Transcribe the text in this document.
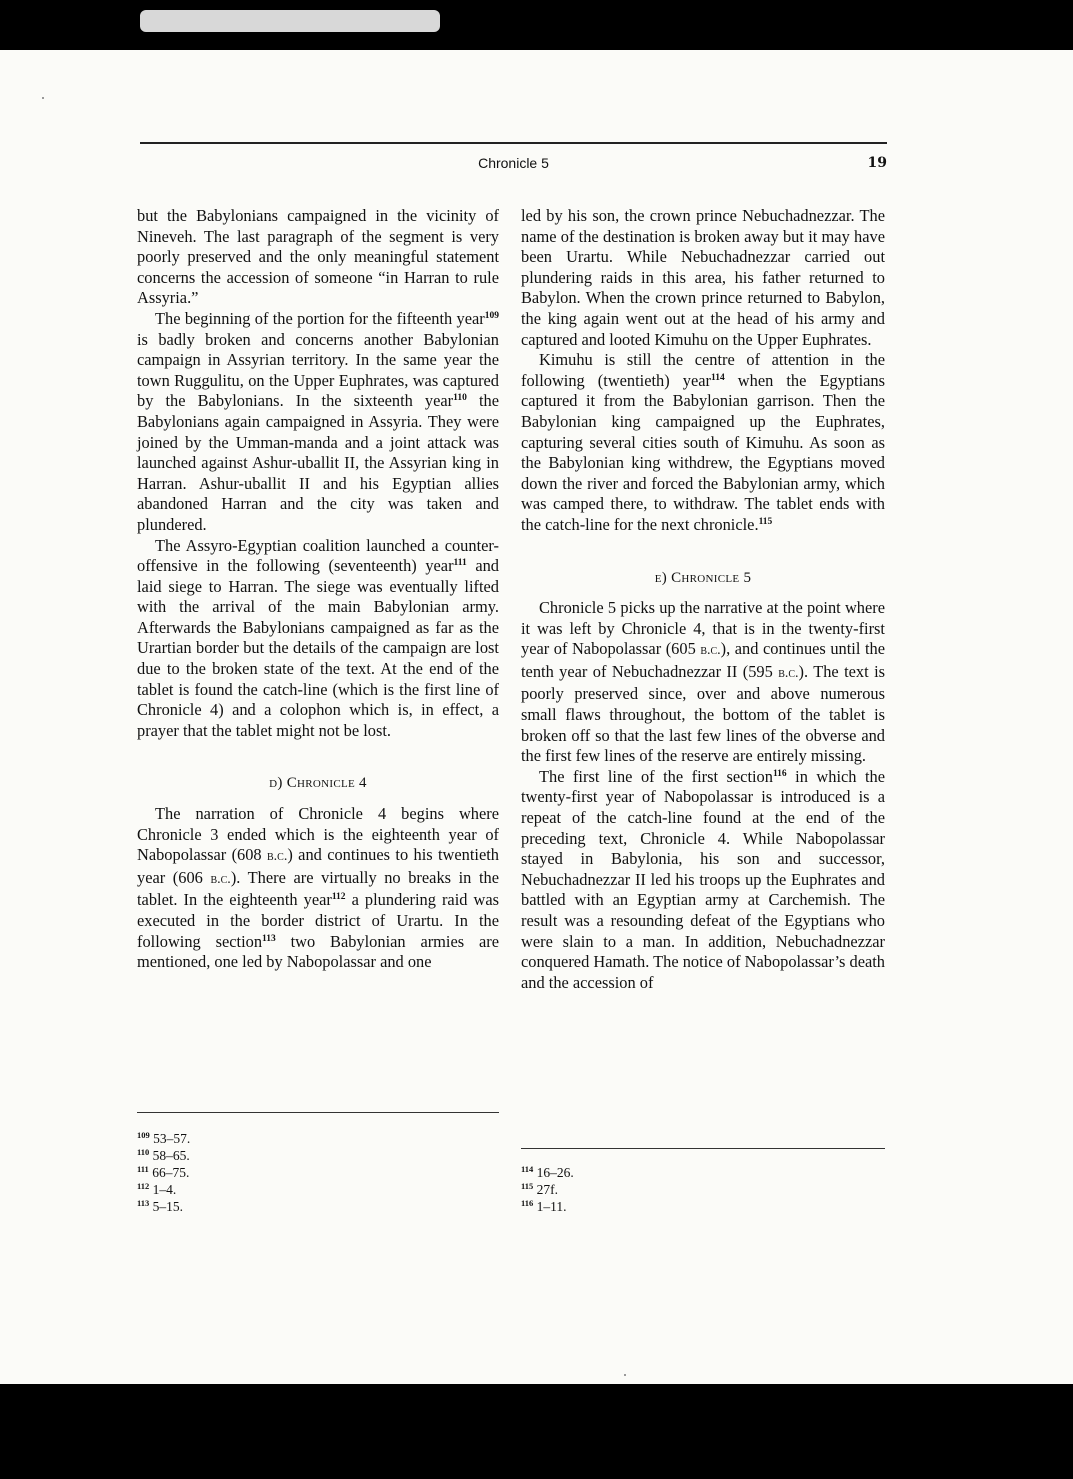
Chronicle 5	19

but the Babylonians campaigned in the vicinity of Nineveh. The last paragraph of the segment is very poorly preserved and the only meaningful statement concerns the accession of someone “in Harran to rule Assyria.”

The beginning of the portion for the fifteenth year$^{109}$ is badly broken and concerns another Babylonian campaign in Assyrian territory. In the same year the town Ruggulitu, on the Upper Euphrates, was captured by the Babylonians. In the sixteenth year$^{110}$ the Babylonians again campaigned in Assyria. They were joined by the Umman-manda and a joint attack was launched against Ashur-uballit II, the Assyrian king in Harran. Ashur-uballit II and his Egyptian allies abandoned Harran and the city was taken and plundered.

The Assyro-Egyptian coalition launched a counter-offensive in the following (seventeenth) year$^{111}$ and laid siege to Harran. The siege was eventually lifted with the arrival of the main Babylonian army. Afterwards the Babylonians campaigned as far as the Urartian border but the details of the campaign are lost due to the broken state of the text. At the end of the tablet is found the catch-line (which is the first line of Chronicle 4) and a colophon which is, in effect, a prayer that the tablet might not be lost.

d) Chronicle 4

The narration of Chronicle 4 begins where Chronicle 3 ended which is the eighteenth year of Nabopolassar (608 b.c.) and continues to his twentieth year (606 b.c.). There are virtually no breaks in the tablet. In the eighteenth year$^{112}$ a plundering raid was executed in the border district of Urartu. In the following section$^{113}$ two Babylonian armies are mentioned, one led by Nabopolassar and one

$^{109}$ 53–57.
$^{110}$ 58–65.
$^{111}$ 66–75.
$^{112}$ 1–4.
$^{113}$ 5–15.

led by his son, the crown prince Nebuchadnezzar. The name of the destination is broken away but it may have been Urartu. While Nebuchadnezzar carried out plundering raids in this area, his father returned to Babylon. When the crown prince returned to Babylon, the king again went out at the head of his army and captured and looted Kimuhu on the Upper Euphrates.

Kimuhu is still the centre of attention in the following (twentieth) year$^{114}$ when the Egyptians captured it from the Babylonian garrison. Then the Babylonian king campaigned up the Euphrates, capturing several cities south of Kimuhu. As soon as the Babylonian king withdrew, the Egyptians moved down the river and forced the Babylonian army, which was camped there, to withdraw. The tablet ends with the catch-line for the next chronicle.$^{115}$

e) Chronicle 5

Chronicle 5 picks up the narrative at the point where it was left by Chronicle 4, that is in the twenty-first year of Nabopolassar (605 b.c.), and continues until the tenth year of Nebuchadnezzar II (595 b.c.). The text is poorly preserved since, over and above numerous small flaws throughout, the bottom of the tablet is broken off so that the last few lines of the obverse and the first few lines of the reserve are entirely missing.

The first line of the first section$^{116}$ in which the twenty-first year of Nabopolassar is introduced is a repeat of the catch-line found at the end of the preceding text, Chronicle 4. While Nabopolassar stayed in Babylonia, his son and successor, Nebuchadnezzar II led his troops up the Euphrates and battled with an Egyptian army at Carchemish. The result was a resounding defeat of the Egyptians who were slain to a man. In addition, Nebuchadnezzar conquered Hamath. The notice of Nabopolassar’s death and the accession of

$^{114}$ 16–26.
$^{115}$ 27f.
$^{116}$ 1–11.
